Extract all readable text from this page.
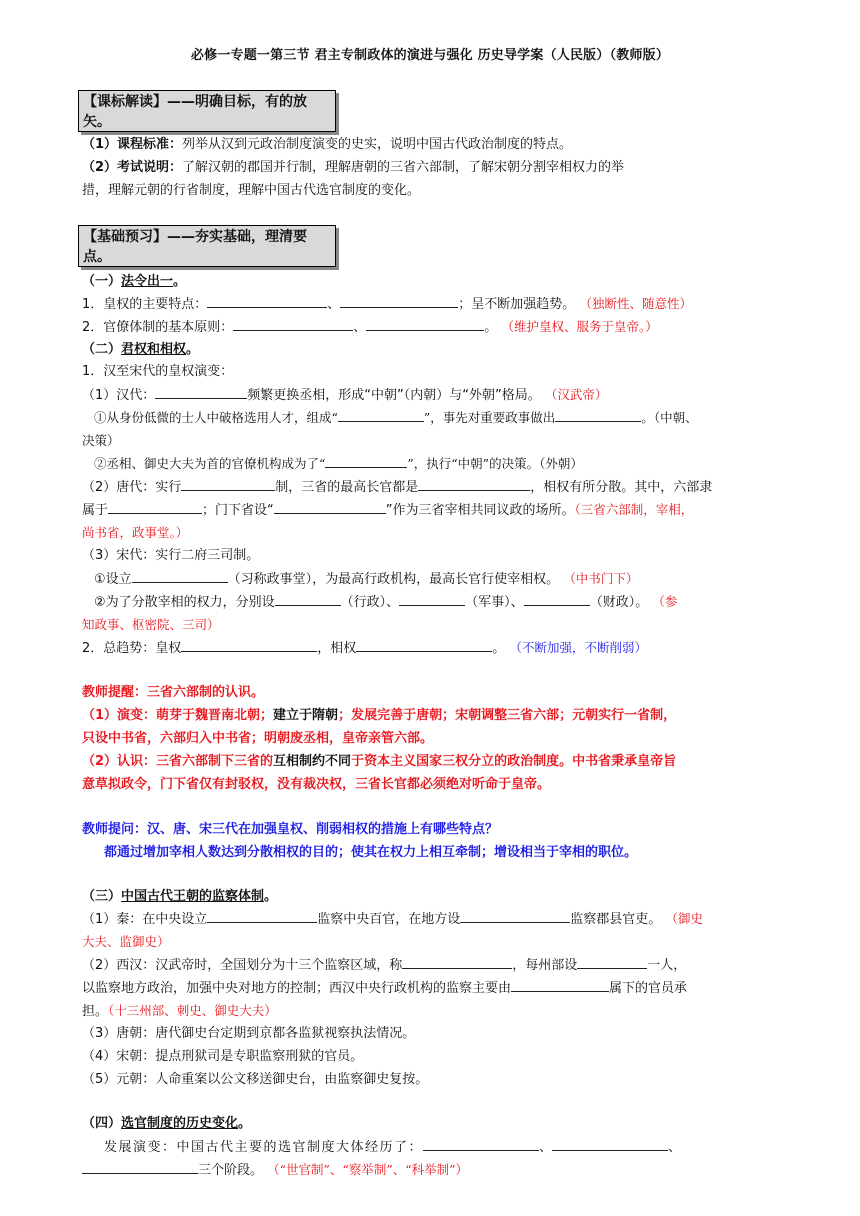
必修一专题一第三节 君主专制政体的演进与强化 历史导学案（人民版）（教师版）
【课标解读】——明确目标，有的放
矢。
（1）课程标准：列举从汉到元政治制度演变的史实，说明中国古代政治制度的特点。
（2）考试说明：了解汉朝的郡国并行制，理解唐朝的三省六部制，了解宋朝分割宰相权力的举
措，理解元朝的行省制度，理解中国古代选官制度的变化。
【基础预习】——夯实基础，理清要
点。
（一）法令出一。
1．皇权的主要特点：	、	；呈不断加强趋势。 （独断性、随意性）
2．官僚体制的基本原则：	、	。 （维护皇权、服务于皇帝。）
（二）君权和相权。
1．汉至宋代的皇权演变：
（1）汉代：	频繁更换丞相，形成“中朝”（内朝）与“外朝”格局。 （汉武帝）
①从身份低微的士人中破格选用人才，组成“	”，事先对重要政事做出	。（中朝、
决策）
②丞相、御史大夫为首的官僚机构成为了“	”，执行“中朝”的决策。（外朝）
（2）唐代：实行	制，三省的最高长官都是	，相权有所分散。其中，六部隶
属于	；门下省设“	”作为三省宰相共同议政的场所。（三省六部制，宰相，
尚书省，政事堂。）
（3）宋代：实行二府三司制。
①设立	（习称政事堂），为最高行政机构，最高长官行使宰相权。 （中书门下）
②为了分散宰相的权力，分别设	（行政）、	（军事）、	（财政）。 （参
知政事、枢密院、三司）
2．总趋势：皇权	，相权	。 （不断加强，不断削弱）
教师提醒：三省六部制的认识。
（1）演变：萌芽于魏晋南北朝；建立于隋朝；发展完善于唐朝；宋朝调整三省六部；元朝实行一省制，
只设中书省，六部归入中书省；明朝废丞相，皇帝亲管六部。
（2）认识：三省六部制下三省的互相制约不同于资本主义国家三权分立的政治制度。中书省秉承皇帝旨
意草拟政令，门下省仅有封驳权，没有裁决权，三省长官都必须绝对听命于皇帝。
教师提问：汉、唐、宋三代在加强皇权、削弱相权的措施上有哪些特点？
都通过增加宰相人数达到分散相权的目的；使其在权力上相互牵制；增设相当于宰相的职位。
（三）中国古代王朝的监察体制。
（1）秦：在中央设立	监察中央百官，在地方设	监察郡县官吏。 （御史
大夫、监御史）
（2）西汉：汉武帝时，全国划分为十三个监察区域，称	，每州部设	一人，
以监察地方政治，加强中央对地方的控制；西汉中央行政机构的监察主要由	属下的官员承
担。（十三州部、刺史、御史大夫）
（3）唐朝：唐代御史台定期到京都各监狱视察执法情况。
（4）宋朝：提点刑狱司是专职监察刑狱的官员。
（5）元朝：人命重案以公文移送御史台，由监察御史复按。
（四）选官制度的历史变化。
发展演变：中国古代主要的选官制度大体经历了：	、	、
三个阶段。 （“世官制”、“察举制”、“科举制”）
